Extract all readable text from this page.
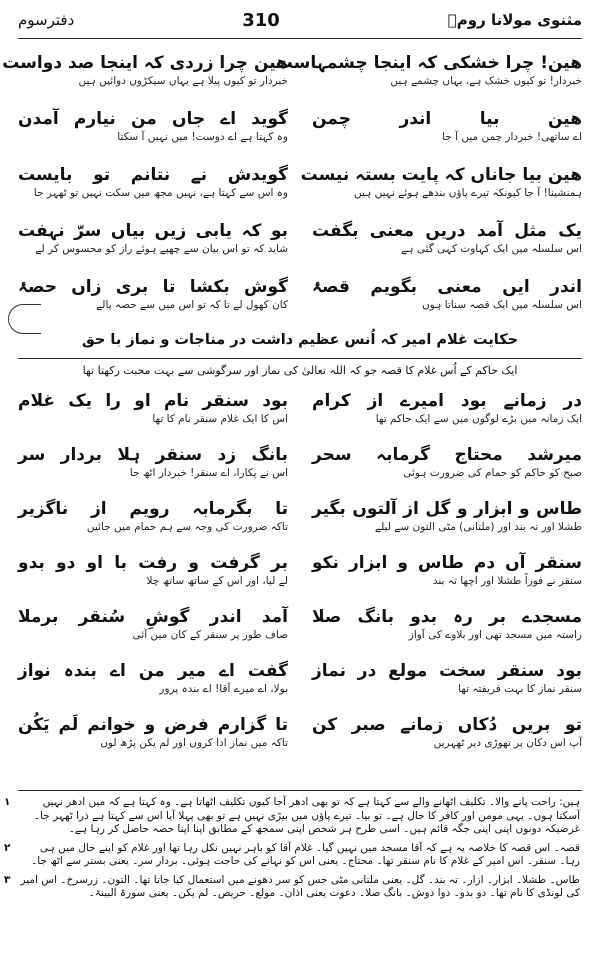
دفترسوم	310	مثنوی مولانا رومؒ

هین! چرا خشکی کہ اینجا چشمہاست

خبردار! تو کیوں خشک ہے، یہاں چشمے ہیں

هین بیا اندر چمن

اے ساتھی! خبردار چمن میں آ جا

هین بیا جاناں کہ پایت بستہ نیست

ہمنشینا! آ جا کیونکہ تیرے پاؤں بندھے ہوئے نہیں ہیں

یک مثل آمد دریں معنی بگفت

اس سلسلہ میں ایک کہاوت کہی گئی ہے

اندر ایں معنی بگویم قصۂ

اس سلسلہ میں ایک قصہ سناتا ہوں

هین چرا زردی کہ اینجا صد دواست

خبردار تو کیوں پیلا ہے یہاں سیکڑوں دوائیں ہیں

گوید اے جاں من نیارم آمدن

وہ کہتا ہے اے دوست! میں نہیں آ سکتا

گویدش نے نتانم تو بایست

وہ اس سے کہتا ہے، نہیں مجھ میں سکت نہیں تو ٹھہر جا

بو کہ یابی زیں بیاں سرّ نہفت

شاید کہ تو اس بیان سے چھپے ہوئے راز کو محسوس کر لے

گوش بکشا تا بری زاں حصۂ

کان کھول لے تا کہ تو اس میں سے حصہ پالے

حکایت غلام امیر کہ اُنس عظیم داشت در مناجات و نماز با حق
ایک حاکم کے اُس غلام کا قصہ جو کہ اللہ تعالیٰ کی نماز اور سرگوشی سے بہت محبت رکھتا تھا

در زمانے بود امیرے از کرام

ایک زمانہ میں بڑے لوگوں میں سے ایک حاکم تھا

میرشد محتاج گرمابہ سحر

صبح کو حاکم کو حمام کی ضرورت ہوئی

طاس و ابزار و گل از آلتوں بگیر

طشلا اور تہ بند اور (ملتانی) مٹی التون سے لیلے

سنقر آں دم طاس و ابزار نکو

سنقر نے فوراً طشلا اور اچھا تہ بند

مسجدے بر رہ بدو بانگ صلا

راستہ میں مسجد تھی اور بلاوے کی آواز

بود سنقر سخت مولع در نماز

سنقر نماز کا بہت فریفتہ تھا

تو بریں دُکاں زمانے صبر کن

آپ اس دکان پر تھوڑی دیر ٹھہریں

بود سنقر نام او را یک غلام

اس کا ایک غلام سنقر نام کا تھا

بانگ زد سنقر ہلا بردار سر

اس نے پکارا، اے سنقر! خبردار اٹھ جا

تا بگرمابہ رویم از ناگزیر

تاکہ ضرورت کی وجہ سے ہم حمام میں جائیں

بر گرفت و رفت با او دو بدو

لے لیا، اور اس کے ساتھ ساتھ چلا

آمد اندر گوشِ سُنقر برملا

صاف طور پر سنقر کے کان میں آئی

گفت اے میر من اے بندہ نواز

بولا، اے میرے آقا! اے بندہ پرور

تا گزارم فرض و خوانم لَم یَکُن

تاکہ میں نماز ادا کروں اور لم یکن پڑھ لوں

۱	ہین: راحت پانے والا۔ تکلیف اٹھانے والے سے کہتا ہے کہ تو بھی ادھر آجا کیوں تکلیف اٹھاتا ہے۔ وہ کہتا ہے کہ میں ادھر نہیں آسکتا ہوں۔ یہی مومن اور کافر کا حال ہے۔ تو بیا۔ تیرے پاؤں میں بیڑی نہیں ہے تو بھی پہلا آیا اس سے کہتا ہے ذرا ٹھہر جا۔ غرضیکہ دونوں اپنی اپنی جگہ قائم ہیں۔ اسی طرح ہر شخص اپنی سمجھ کے مطابق اپنا اپنا حصہ حاصل کر رہا ہے۔
۲	قصہ۔ اس قصہ کا خلاصہ یہ ہے کہ آقا مسجد میں نہیں گیا۔ غلام آقا کو باہر نہیں نکل رہا تھا اور غلام کو اپنے حال میں ہی رہا۔ سنقر۔ اس امیر کے غلام کا نام سنقر تھا۔ محتاج۔ یعنی اس کو نہانے کی حاجت ہوئی۔ بردار سر۔ یعنی بستر سے اٹھ جا۔
۳ طاس۔ طشلا۔ ابزار۔ ازار۔ تہ بند۔ گل۔ یعنی ملتانی مٹی جس کو سر دھونے میں استعمال کیا جاتا تھا۔ التون۔ زرسرخ۔ اس امیر کی لونڈی کا نام تھا۔ دو بدو۔ دوا دوش۔ بانگ صلا۔ دعوت یعنی اذان۔ مولع۔ حریص۔ لم یکن۔ یعنی سورۃ البینۃ۔
